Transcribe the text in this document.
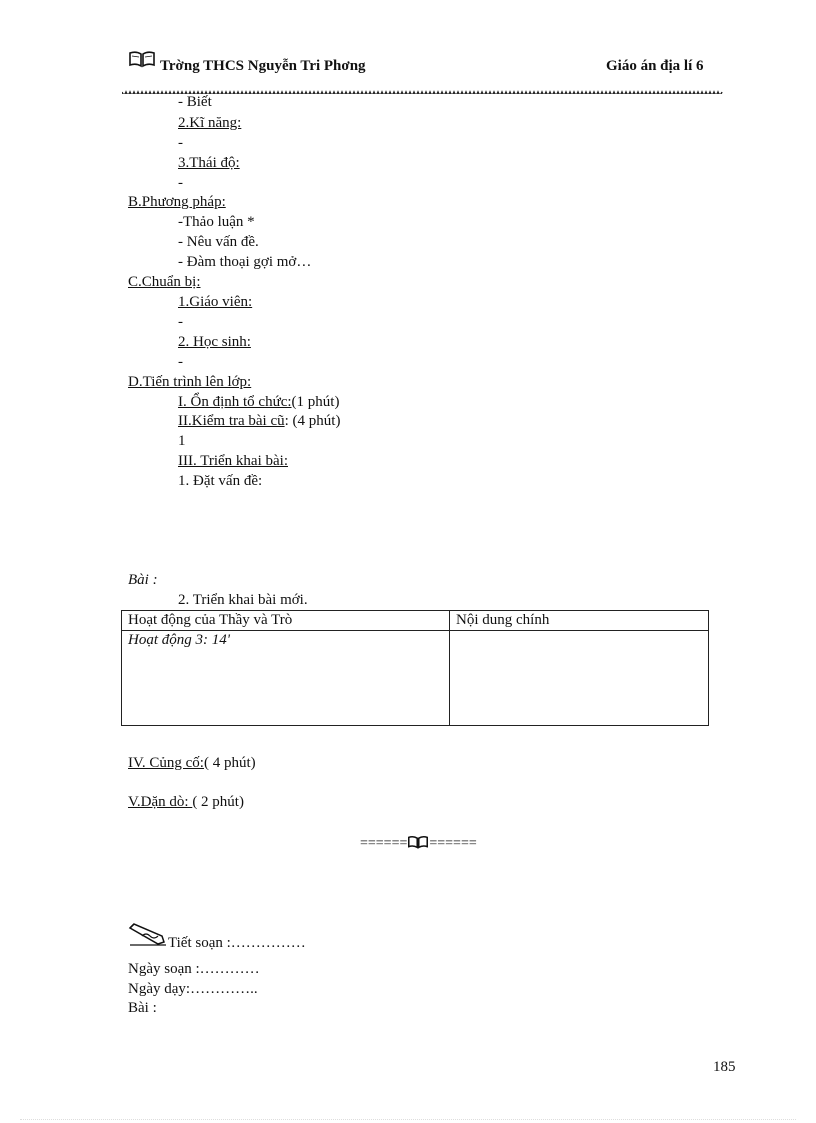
Trờng THCS Nguyễn Tri Phơng	Giáo án địa lí 6
- Biết
2.Kĩ năng:
-
3.Thái độ:
-
B.Phương pháp:
-Thảo luận *
- Nêu vấn đề.
- Đàm thoại gợi mở…
C.Chuẩn bị:
1.Giáo viên:
-
2. Học sinh:
-
D.Tiến trình lên lớp:
I. Ổn định tổ chức:(1 phút)
II.Kiểm tra bài cũ: (4 phút)
1
III. Triển khai bài:
1. Đặt vấn đề:
Bài :
2. Triển khai bài mới.
Hoạt động của Thầy và Trò	Nội dung chính
Hoạt động 3: 14'	
IV. Củng cố:( 4 phút)
V.Dặn dò: ( 2 phút)
====== ======
Tiết soạn :……………
Ngày soạn :…………
Ngày dạy:…………..
Bài :
185
